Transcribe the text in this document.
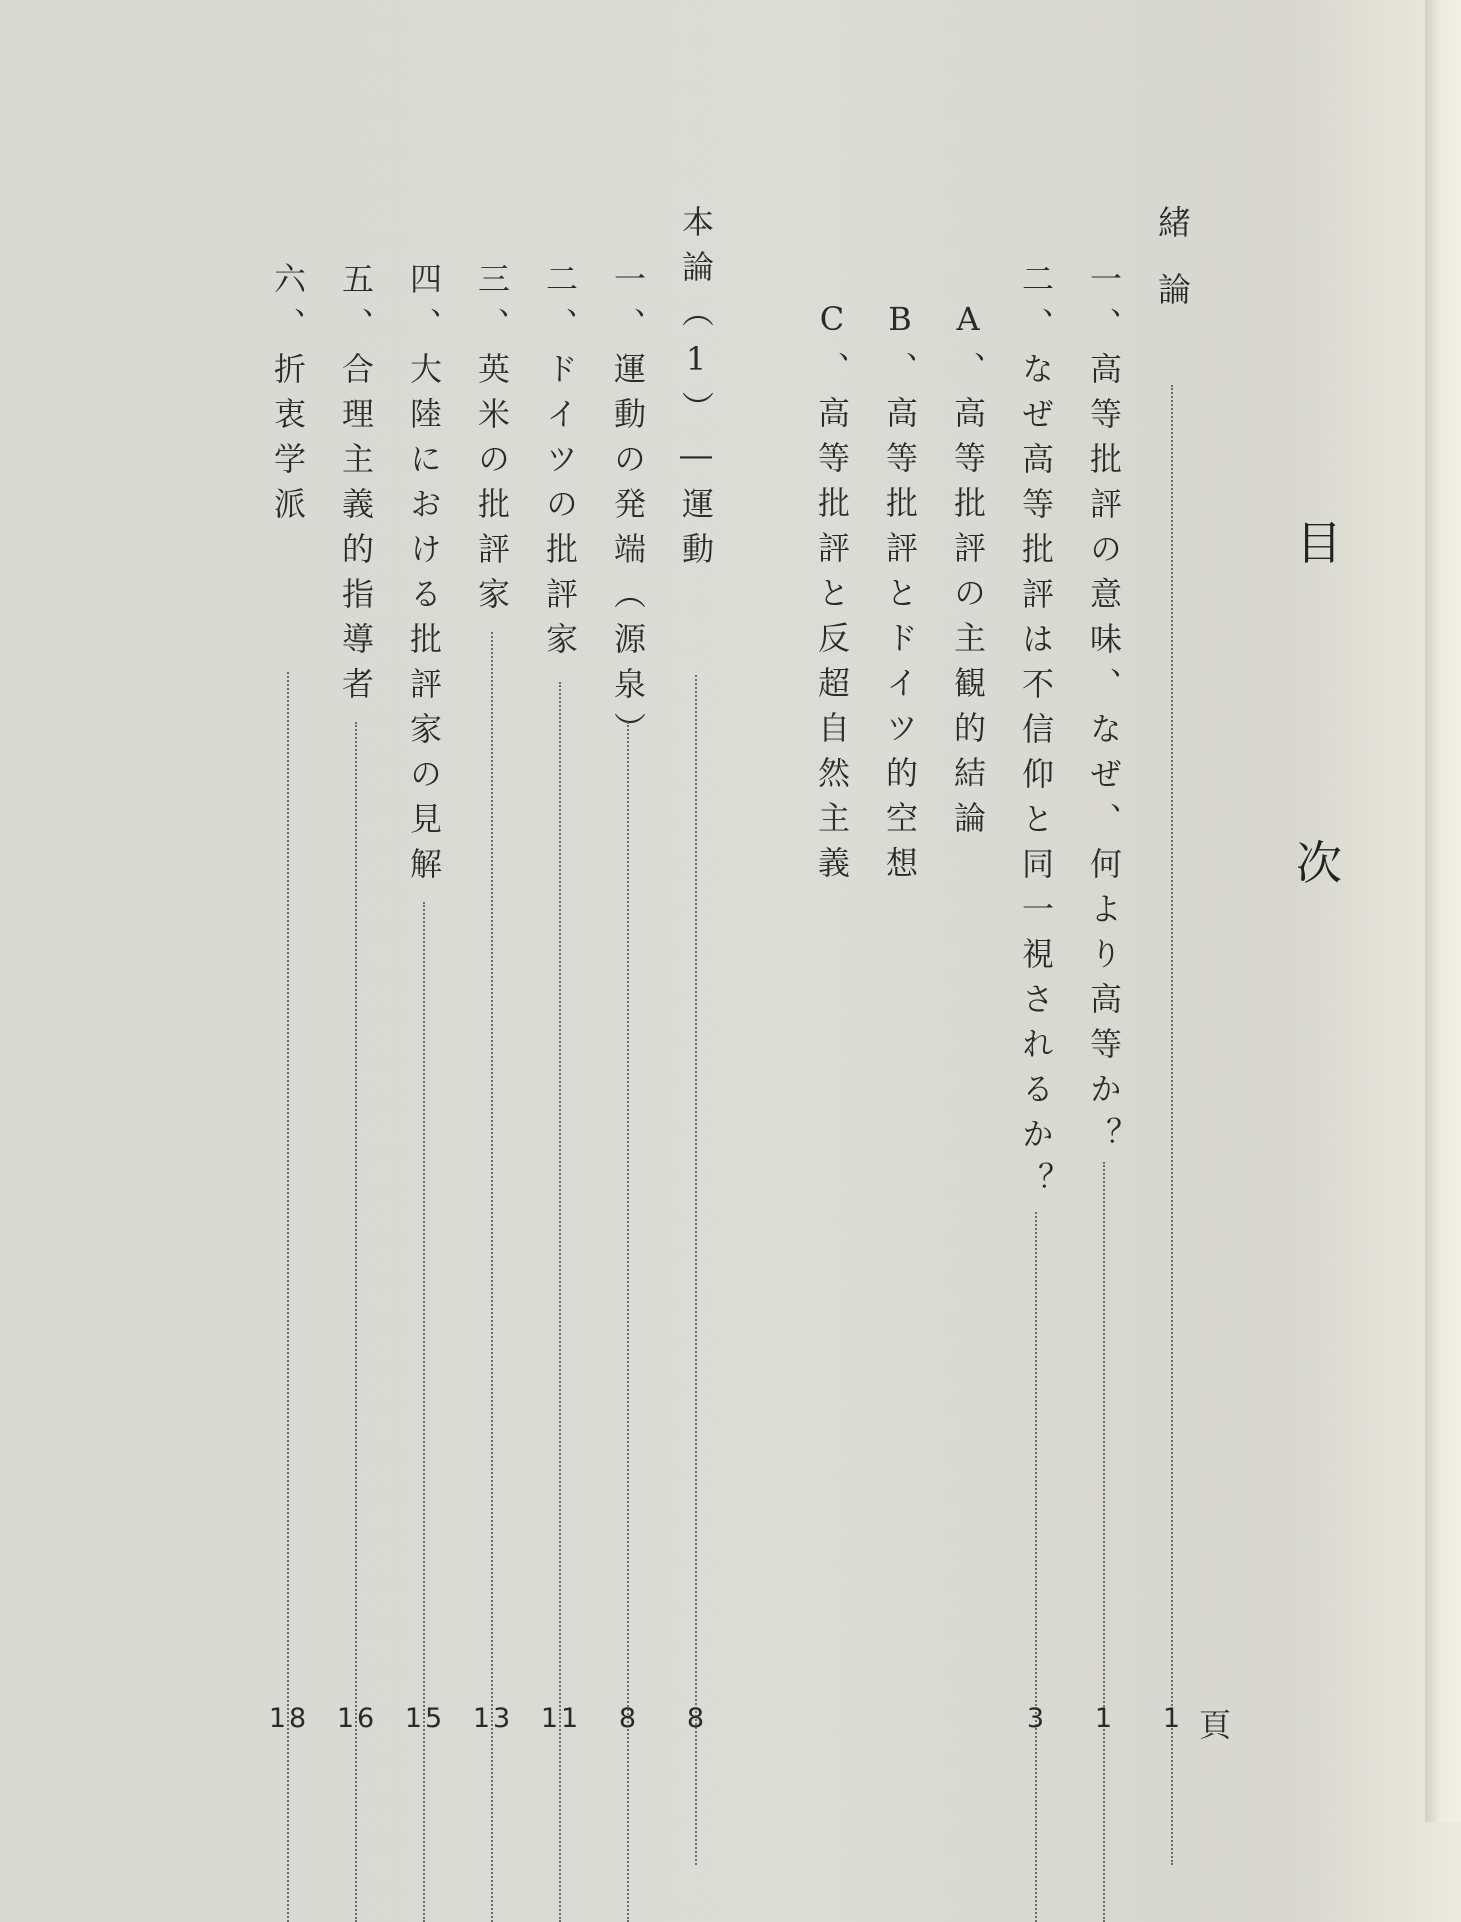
目
次
緒論
1
一、高等批評の意味、なぜ、何より高等か？
1
二、なぜ高等批評は不信仰と同一視されるか？
3
A、高等批評の主観的結論
B、高等批評とドイツ的空想
C、高等批評と反超自然主義
本論（1）―運動
8
一、運動の発端（源泉）
8
二、ドイツの批評家
11
三、英米の批評家
13
四、大陸における批評家の見解
15
五、合理主義的指導者
16
六、折衷学派
18	頁
